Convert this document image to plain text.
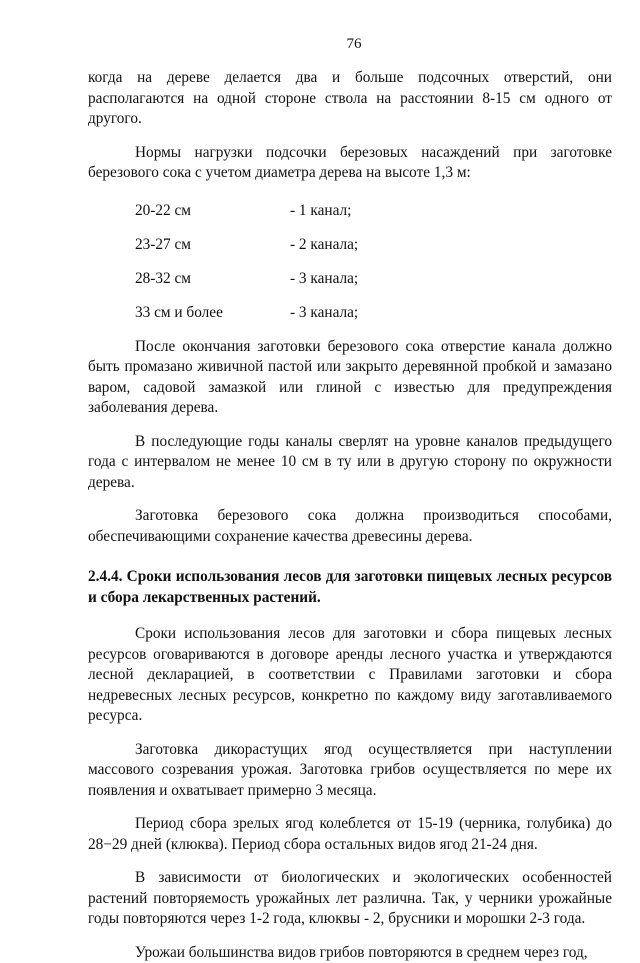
76

когда на дереве делается два и больше подсочных отверстий, они располагаются на одной стороне ствола на расстоянии 8-15 см одного от другого.

Нормы нагрузки подсочки березовых насаждений при заготовке березового сока с учетом диаметра дерева на высоте 1,3 м:

20-22 см	- 1 канал;
23-27 см	- 2 канала;
28-32 см	- 3 канала;
33 см и более	- 3 канала;

После окончания заготовки березового сока отверстие канала должно быть промазано живичной пастой или закрыто деревянной пробкой и замазано варом, садовой замазкой или глиной с известью для предупреждения заболевания дерева.

В последующие годы каналы сверлят на уровне каналов предыдущего года с интервалом не менее 10 см в ту или в другую сторону по окружности дерева.

Заготовка березового сока должна производиться способами, обеспечивающими сохранение качества древесины дерева.

2.4.4. Сроки использования лесов для заготовки пищевых лесных ресурсов и сбора лекарственных растений.

Сроки использования лесов для заготовки и сбора пищевых лесных ресурсов оговариваются в договоре аренды лесного участка и утверждаются лесной декларацией, в соответствии с Правилами заготовки и сбора недревесных лесных ресурсов, конкретно по каждому виду заготавливаемого ресурса.

Заготовка дикорастущих ягод осуществляется при наступлении массового созревания урожая. Заготовка грибов осуществляется по мере их появления и охватывает примерно 3 месяца.

Период сбора зрелых ягод колеблется от 15-19 (черника, голубика) до 28−29 дней (клюква). Период сбора остальных видов ягод 21-24 дня.

В зависимости от биологических и экологических особенностей растений повторяемость урожайных лет различна. Так, у черники урожайные годы повторяются через 1-2 года, клюквы - 2, брусники и морошки 2-3 года.

Урожаи большинства видов грибов повторяются в среднем через год,
